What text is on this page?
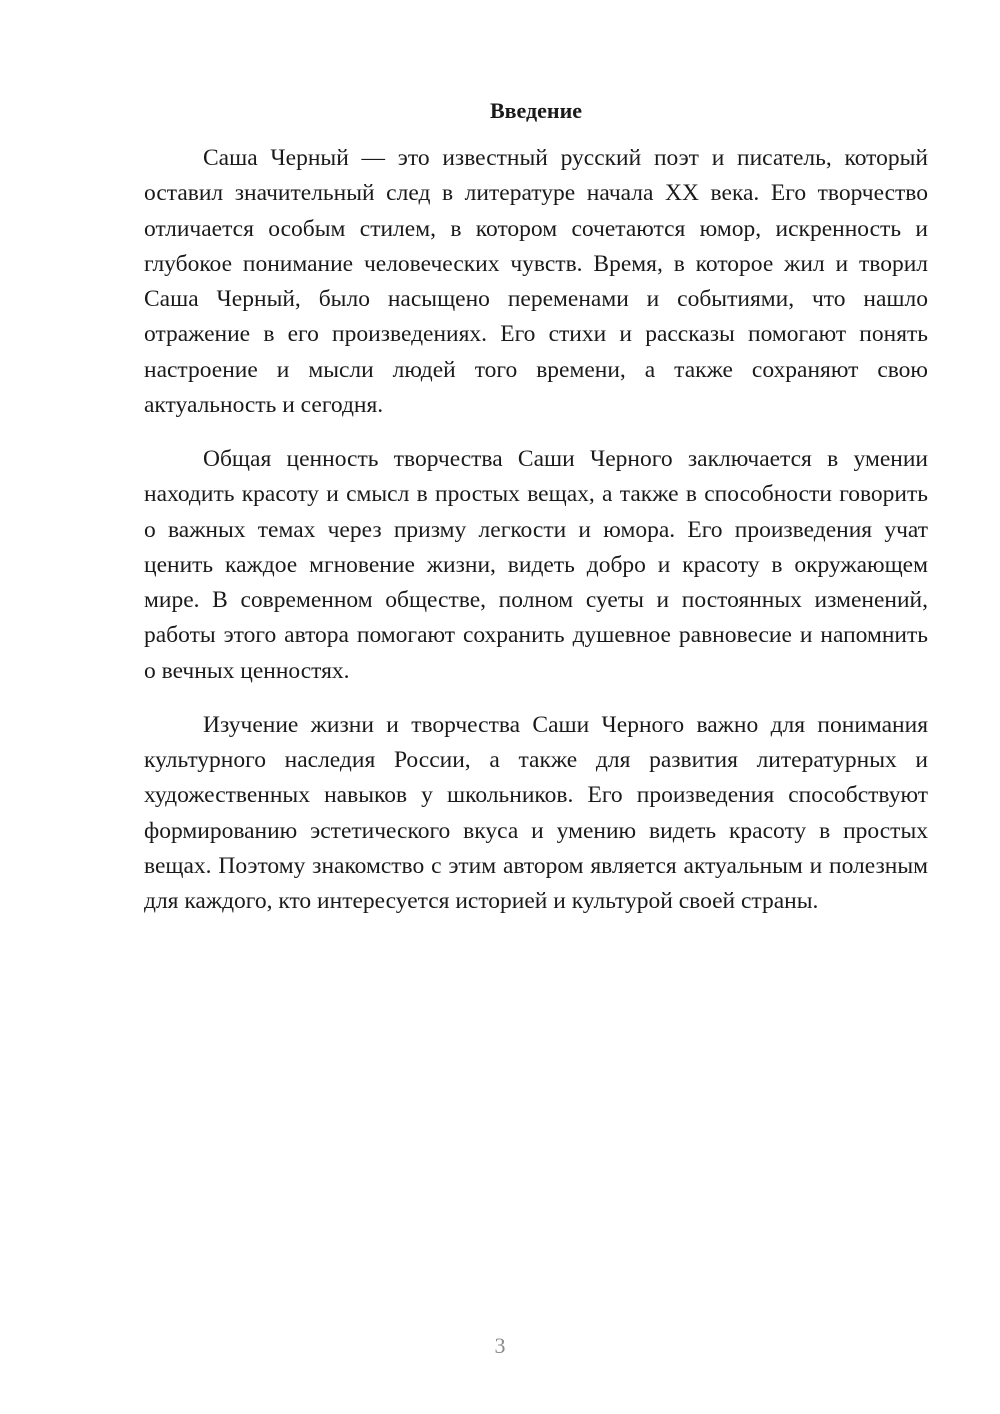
Введение

Саша Черный — это известный русский поэт и писатель, который оставил значительный след в литературе начала XX века. Его творчество отличается особым стилем, в котором сочетаются юмор, искренность и глубокое понимание человеческих чувств. Время, в которое жил и творил Саша Черный, было насыщено переменами и событиями, что нашло отражение в его произведениях. Его стихи и рассказы помогают понять настроение и мысли людей того времени, а также сохраняют свою актуальность и сегодня.

Общая ценность творчества Саши Черного заключается в умении находить красоту и смысл в простых вещах, а также в способности говорить о важных темах через призму легкости и юмора. Его произведения учат ценить каждое мгновение жизни, видеть добро и красоту в окружающем мире. В современном обществе, полном суеты и постоянных изменений, работы этого автора помогают сохранить душевное равновесие и напомнить о вечных ценностях.

Изучение жизни и творчества Саши Черного важно для понимания культурного наследия России, а также для развития литературных и художественных навыков у школьников. Его произведения способствуют формированию эстетического вкуса и умению видеть красоту в простых вещах. Поэтому знакомство с этим автором является актуальным и полезным для каждого, кто интересуется историей и культурой своей страны.

3
